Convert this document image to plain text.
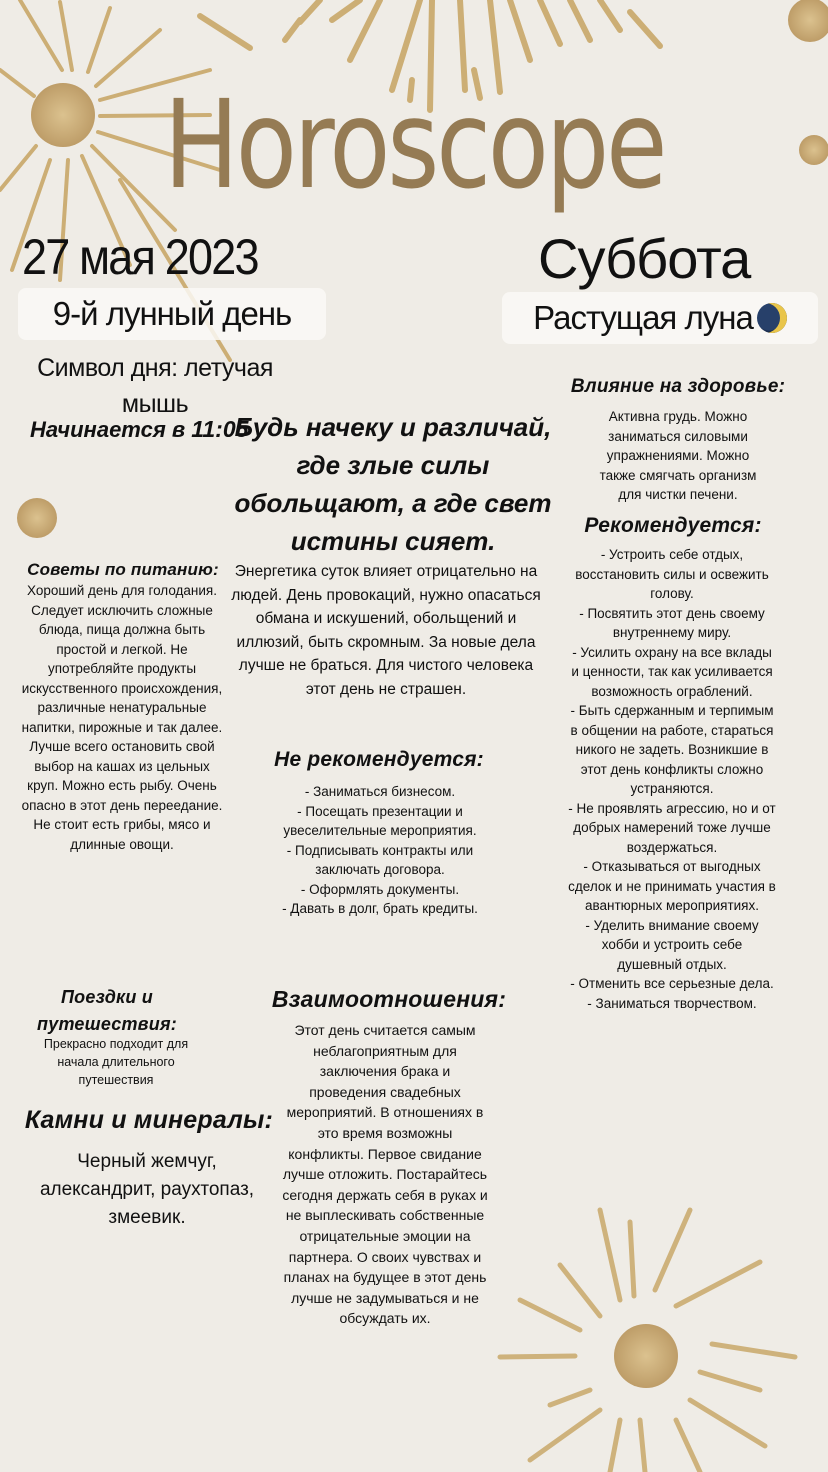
Horoscope
27 мая 2023	Суббота
9-й лунный день	Растущая луна
Символ дня: летучая мышь
Начинается в 11:05
Будь начеку и различай, где злые силы обольщают, а где свет истины сияет.
Энергетика суток влияет отрицательно на людей. День провокаций, нужно опасаться обмана и искушений, обольщений и иллюзий, быть скромным. За новые дела лучше не браться. Для чистого человека этот день не страшен.
Влияние на здоровье:
Активна грудь. Можно заниматься силовыми упражнениями. Можно также смягчать организм для чистки печени.
Рекомендуется:
- Устроить себе отдых, восстановить силы и освежить голову.
- Посвятить этот день своему внутреннему миру.
- Усилить охрану на все вклады и ценности, так как усиливается возможность ограблений.
- Быть сдержанным и терпимым в общении на работе, стараться никого не задеть. Возникшие в этот день конфликты сложно устраняются.
- Не проявлять агрессию, но и от добрых намерений тоже лучше воздержаться.
- Отказываться от выгодных сделок и не принимать участия в авантюрных мероприятиях.
- Уделить внимание своему хобби и устроить себе душевный отдых.
- Отменить все серьезные дела.
- Заниматься творчеством.
Советы по питанию:
Хороший день для голодания. Следует исключить сложные блюда, пища должна быть простой и легкой. Не употребляйте продукты искусственного происхождения, различные ненатуральные напитки, пирожные и так далее. Лучше всего остановить свой выбор на кашах из цельных круп. Можно есть рыбу. Очень опасно в этот день переедание. Не стоит есть грибы, мясо и длинные овощи.
Не рекомендуется:
- Заниматься бизнесом.
- Посещать презентации и увеселительные мероприятия.
- Подписывать контракты или заключать договора.
- Оформлять документы.
- Давать в долг, брать кредиты.
Поездки и путешествия:
Прекрасно подходит для начала длительного путешествия
Взаимоотношения:
Этот день считается самым неблагоприятным для заключения брака и проведения свадебных мероприятий. В отношениях в это время возможны конфликты. Первое свидание лучше отложить. Постарайтесь сегодня держать себя в руках и не выплескивать собственные отрицательные эмоции на партнера. О своих чувствах и планах на будущее в этот день лучше не задумываться и не обсуждать их.
Камни и минералы:
Черный жемчуг, александрит, раухтопаз, змеевик.
